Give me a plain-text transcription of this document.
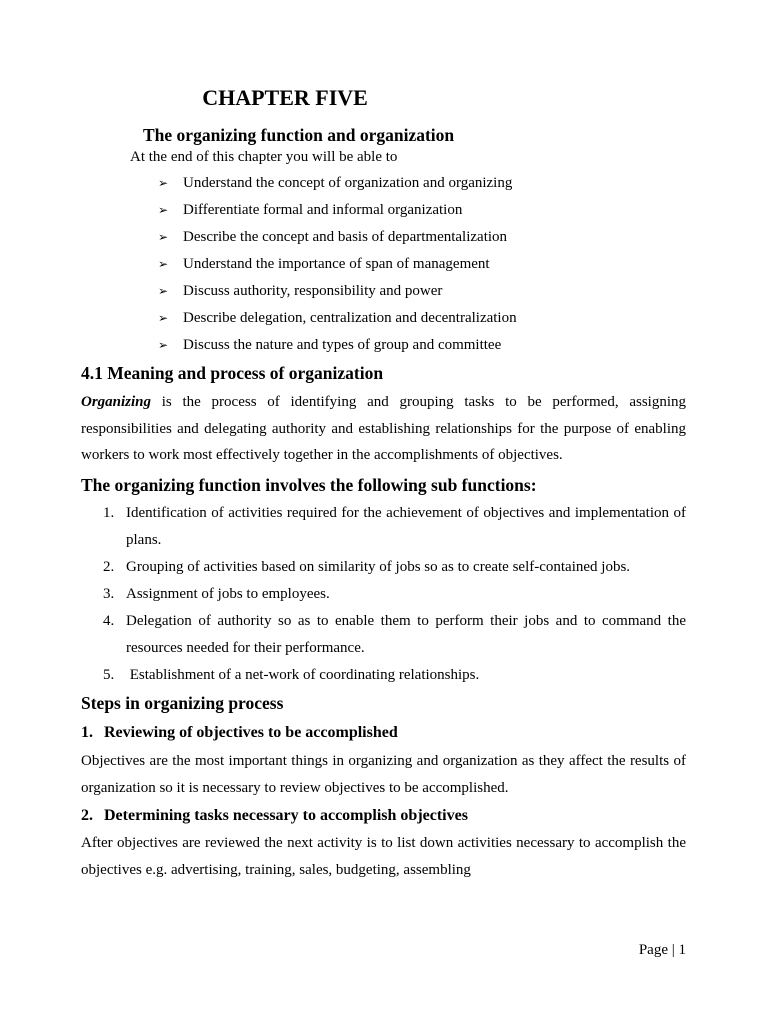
CHAPTER FIVE
The organizing function and organization

At the end of this chapter you will be able to

➢ Understand the concept of organization and organizing
➢ Differentiate formal and informal organization
➢ Describe the concept and basis of departmentalization
➢ Understand the importance of span of management
➢ Discuss authority, responsibility and power
➢ Describe delegation, centralization and decentralization
➢ Discuss the nature and types of group and committee
4.1 Meaning and process of organization

Organizing is the process of identifying and grouping tasks to be performed, assigning responsibilities and delegating authority and establishing relationships for the purpose of enabling workers to work most effectively together in the accomplishments of objectives.

The organizing function involves the following sub functions:
1. Identification of activities required for the achievement of objectives and implementation of plans.
2. Grouping of activities based on similarity of jobs so as to create self-contained jobs.
3. Assignment of jobs to employees.
4. Delegation of authority so as to enable them to perform their jobs and to command the resources needed for their performance.
5. Establishment of a net-work of coordinating relationships.
Steps in organizing process
1. Reviewing of objectives to be accomplished

Objectives are the most important things in organizing and organization as they affect the results of organization so it is necessary to review objectives to be accomplished.

2. Determining tasks necessary to accomplish objectives

After objectives are reviewed the next activity is to list down activities necessary to accomplish the objectives e.g. advertising, training, sales, budgeting, assembling

Page | 1
